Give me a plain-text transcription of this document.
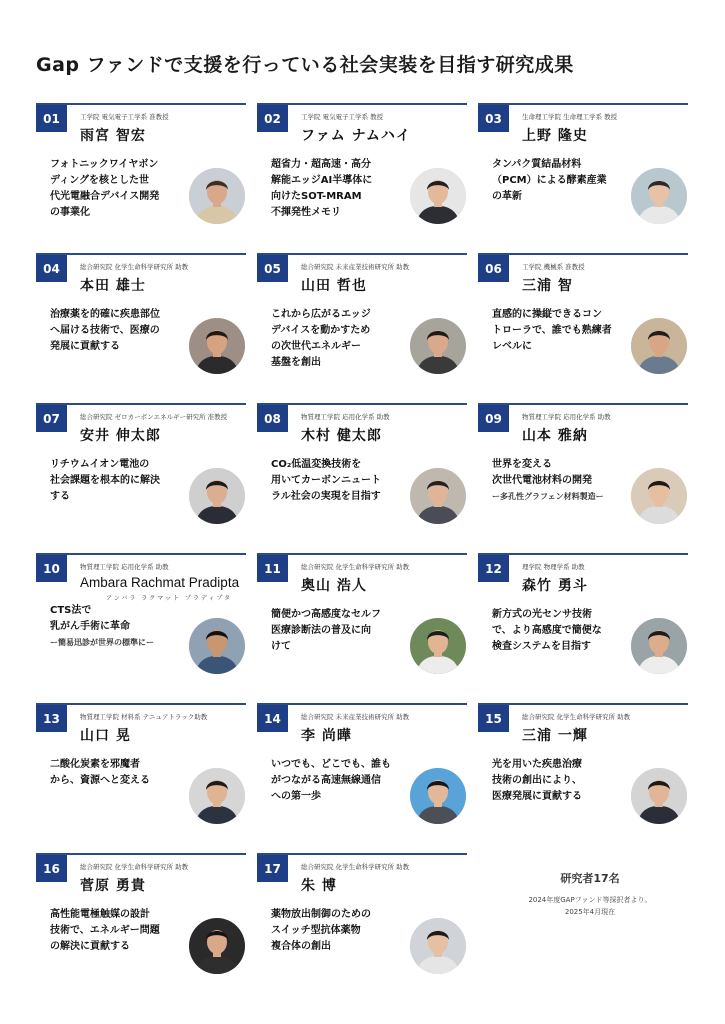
Gap ファンドで支援を行っている社会実装を目指す研究成果
01	工学院 電気電子工学系 准教授
雨宮 智宏
フォトニックワイヤボン
ディングを核とした世
代光電融合デバイス開発
の事業化
02	工学院 電気電子工学系 教授
ファム ナムハイ
超省力・超高速・高分
解能エッジAI半導体に
向けたSOT-MRAM
不揮発性メモリ
03	生命理工学院 生命理工学系 教授
上野 隆史
タンパク質結晶材料
（PCM）による酵素産業
の革新
04	総合研究院 化学生命科学研究所 助教
本田 雄士
治療薬を的確に疾患部位
へ届ける技術で、医療の
発展に貢献する
05	総合研究院 未来産業技術研究所 助教
山田 哲也
これから広がるエッジ
デバイスを動かすため
の次世代エネルギー
基盤を創出
06	工学院 機械系 准教授
三浦 智
直感的に操縦できるコン
トローラで、誰でも熟練者
レベルに
07	総合研究院 ゼロカーボンエネルギー研究所 准教授
安井 伸太郎
リチウムイオン電池の
社会課題を根本的に解決
する
08	物質理工学院 応用化学系 助教
木村 健太郎
CO₂低温変換技術を
用いてカーボンニュート
ラル社会の実現を目指す
09	物質理工学院 応用化学系 助教
山本 雅納
世界を変える
次世代電池材料の開発
ー多孔性グラフェン材料製造ー
10	物質理工学院 応用化学系 助教
Ambara Rachmat Pradipta
アンバラ ラクマット プラディプタ
CTS法で
乳がん手術に革命
ー簡易迅診が世界の標準にー
11	総合研究院 化学生命科学研究所 助教
奥山 浩人
簡便かつ高感度なセルフ
医療診断法の普及に向
けて
12	理学院 物理学系 助教
森竹 勇斗
新方式の光センサ技術
で、より高感度で簡便な
検査システムを目指す
13	物質理工学院 材料系 テニュアトラック助教
山口 晃
二酸化炭素を邪魔者
から、資源へと変える
14	総合研究院 未来産業技術研究所 助教
李 尚曄
いつでも、どこでも、誰も
がつながる高速無線通信
への第一歩
15	総合研究院 化学生命科学研究所 助教
三浦 一輝
光を用いた疾患治療
技術の創出により、
医療発展に貢献する
16	総合研究院 化学生命科学研究所 助教
菅原 勇貴
高性能電極触媒の設計
技術で、エネルギー問題
の解決に貢献する
17	総合研究院 化学生命科学研究所 助教
朱 博
薬物放出制御のための
スイッチ型抗体薬物
複合体の創出
研究者17名
2024年度GAPファンド等採択者より。
2025年4月現在
